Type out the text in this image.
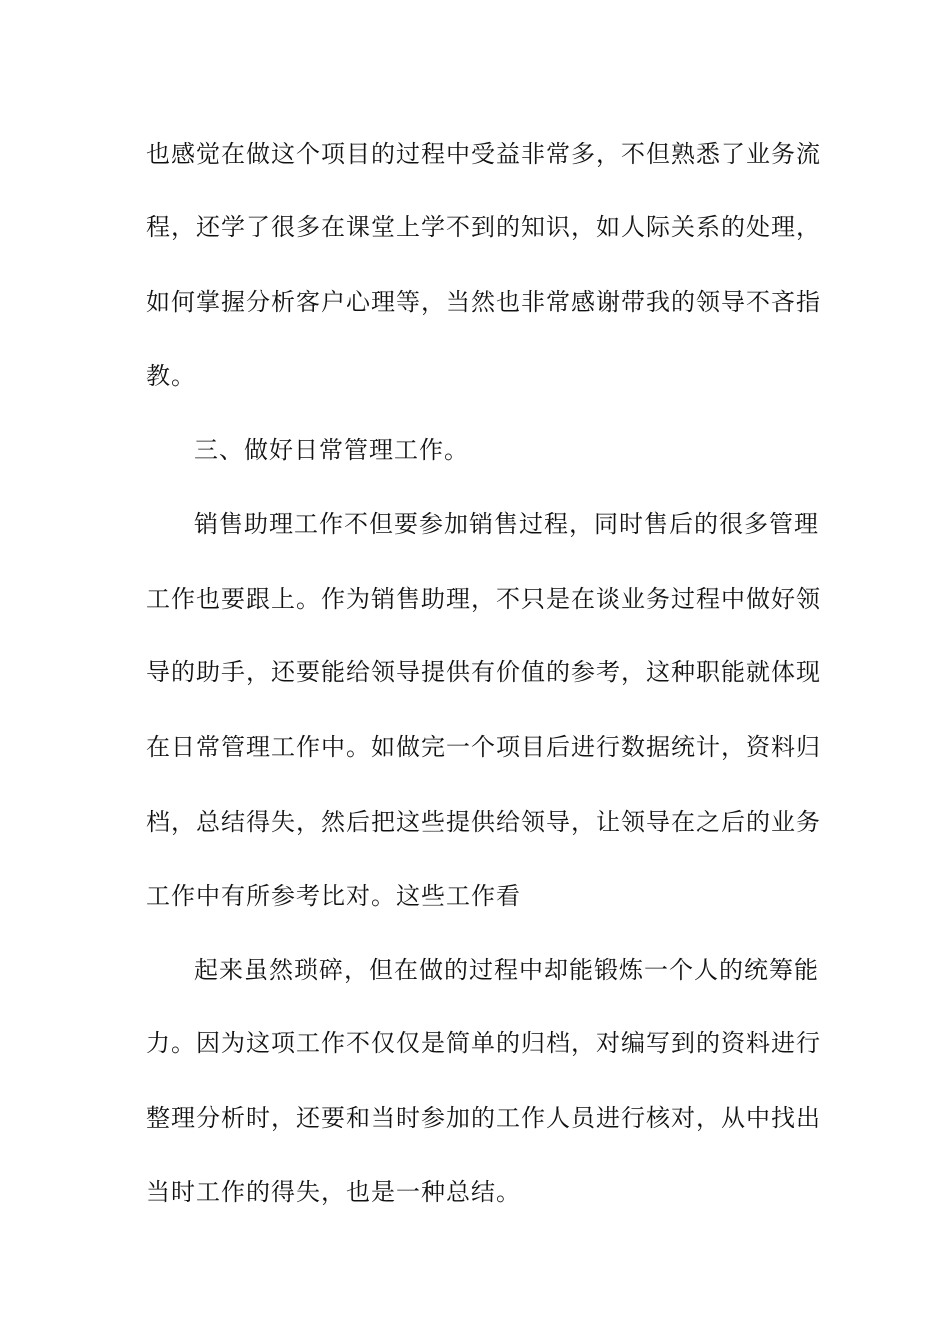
也感觉在做这个项目的过程中受益非常多，不但熟悉了业务流
程，还学了很多在课堂上学不到的知识，如人际关系的处理，
如何掌握分析客户心理等，当然也非常感谢带我的领导不吝指
教。
三、做好日常管理工作。
销售助理工作不但要参加销售过程，同时售后的很多管理
工作也要跟上。作为销售助理，不只是在谈业务过程中做好领
导的助手，还要能给领导提供有价值的参考，这种职能就体现
在日常管理工作中。如做完一个项目后进行数据统计，资料归
档，总结得失，然后把这些提供给领导，让领导在之后的业务
工作中有所参考比对。这些工作看
起来虽然琐碎，但在做的过程中却能锻炼一个人的统筹能
力。因为这项工作不仅仅是简单的归档，对编写到的资料进行
整理分析时，还要和当时参加的工作人员进行核对，从中找出
当时工作的得失，也是一种总结。
